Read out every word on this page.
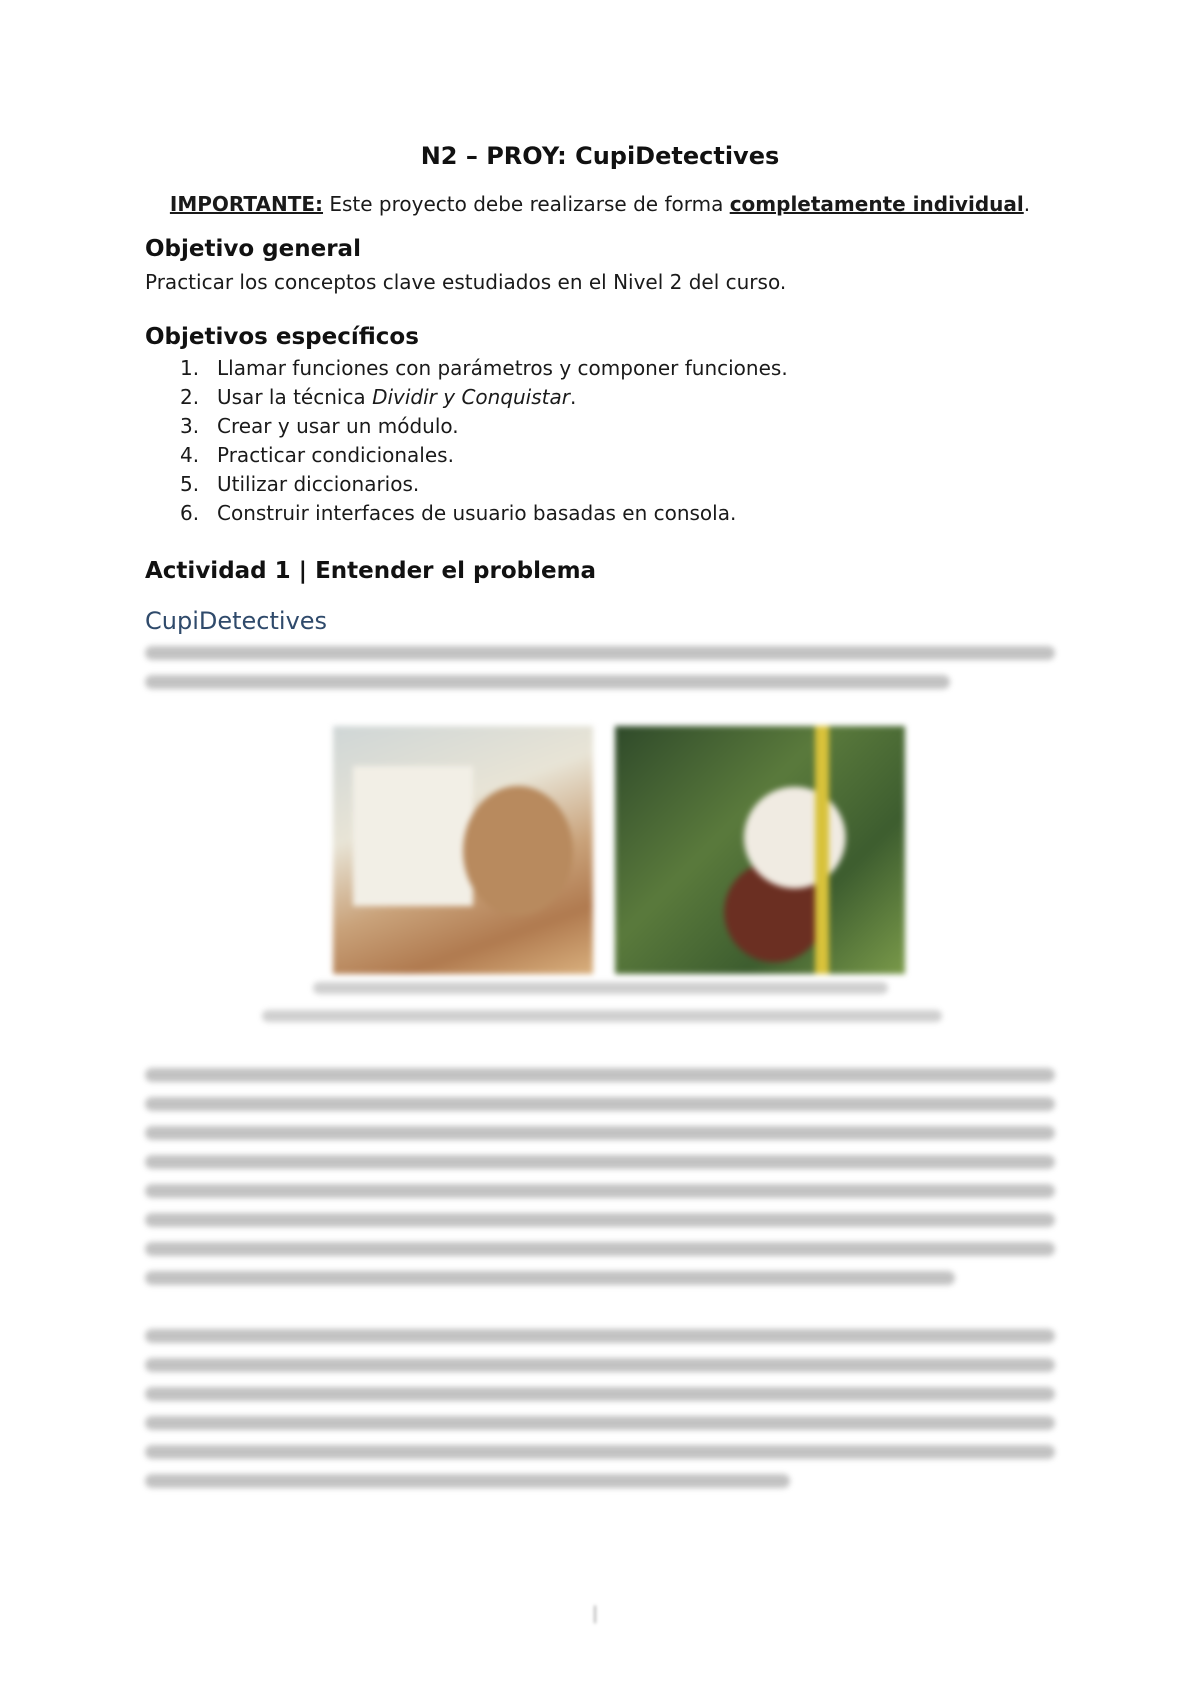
N2 – PROY: CupiDetectives
IMPORTANTE: Este proyecto debe realizarse de forma completamente individual.
Objetivo general
Practicar los conceptos clave estudiados en el Nivel 2 del curso.
Objetivos específicos
1. Llamar funciones con parámetros y componer funciones.
2. Usar la técnica Dividir y Conquistar.
3. Crear y usar un módulo.
4. Practicar condicionales.
5. Utilizar diccionarios.
6. Construir interfaces de usuario basadas en consola.
Actividad 1 | Entender el problema
CupiDetectives
|
